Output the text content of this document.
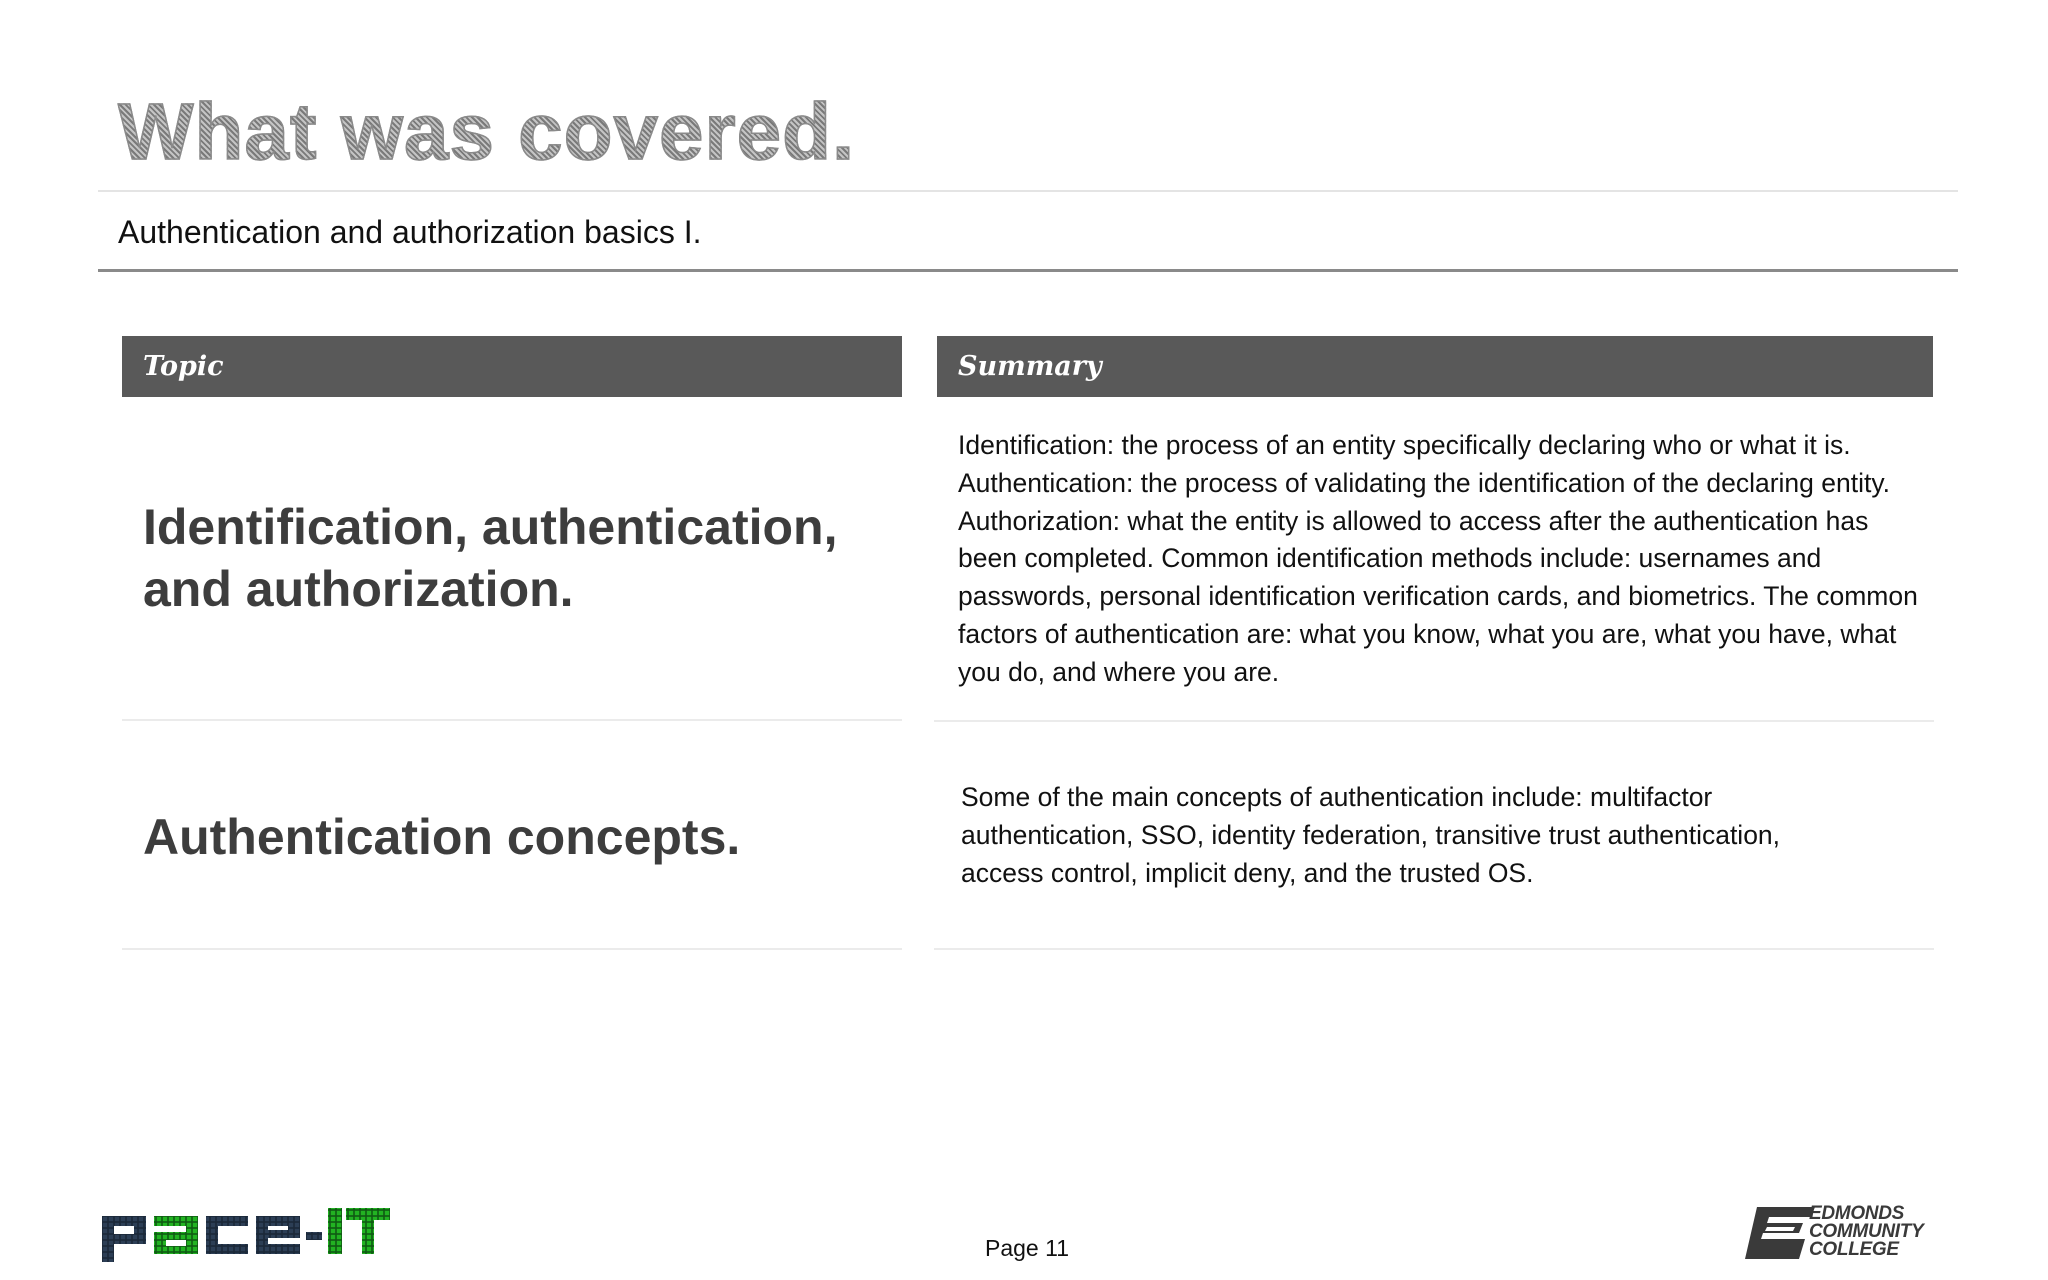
What was covered.
Authentication and authorization basics I.
Topic	Summary
Identification, authentication, and authorization.
Identification: the process of an entity specifically declaring who or what it is. Authentication: the process of validating the identification of the declaring entity. Authorization: what the entity is allowed to access after the authentication has been completed. Common identification methods include: usernames and passwords, personal identification verification cards, and biometrics. The common factors of authentication are: what you know, what you are, what you have, what you do, and where you are.
Authentication concepts.
Some of the main concepts of authentication include: multifactor authentication, SSO, identity federation, transitive trust authentication, access control, implicit deny, and the trusted OS.
Page 11
EDMONDS
COMMUNITY
COLLEGE
